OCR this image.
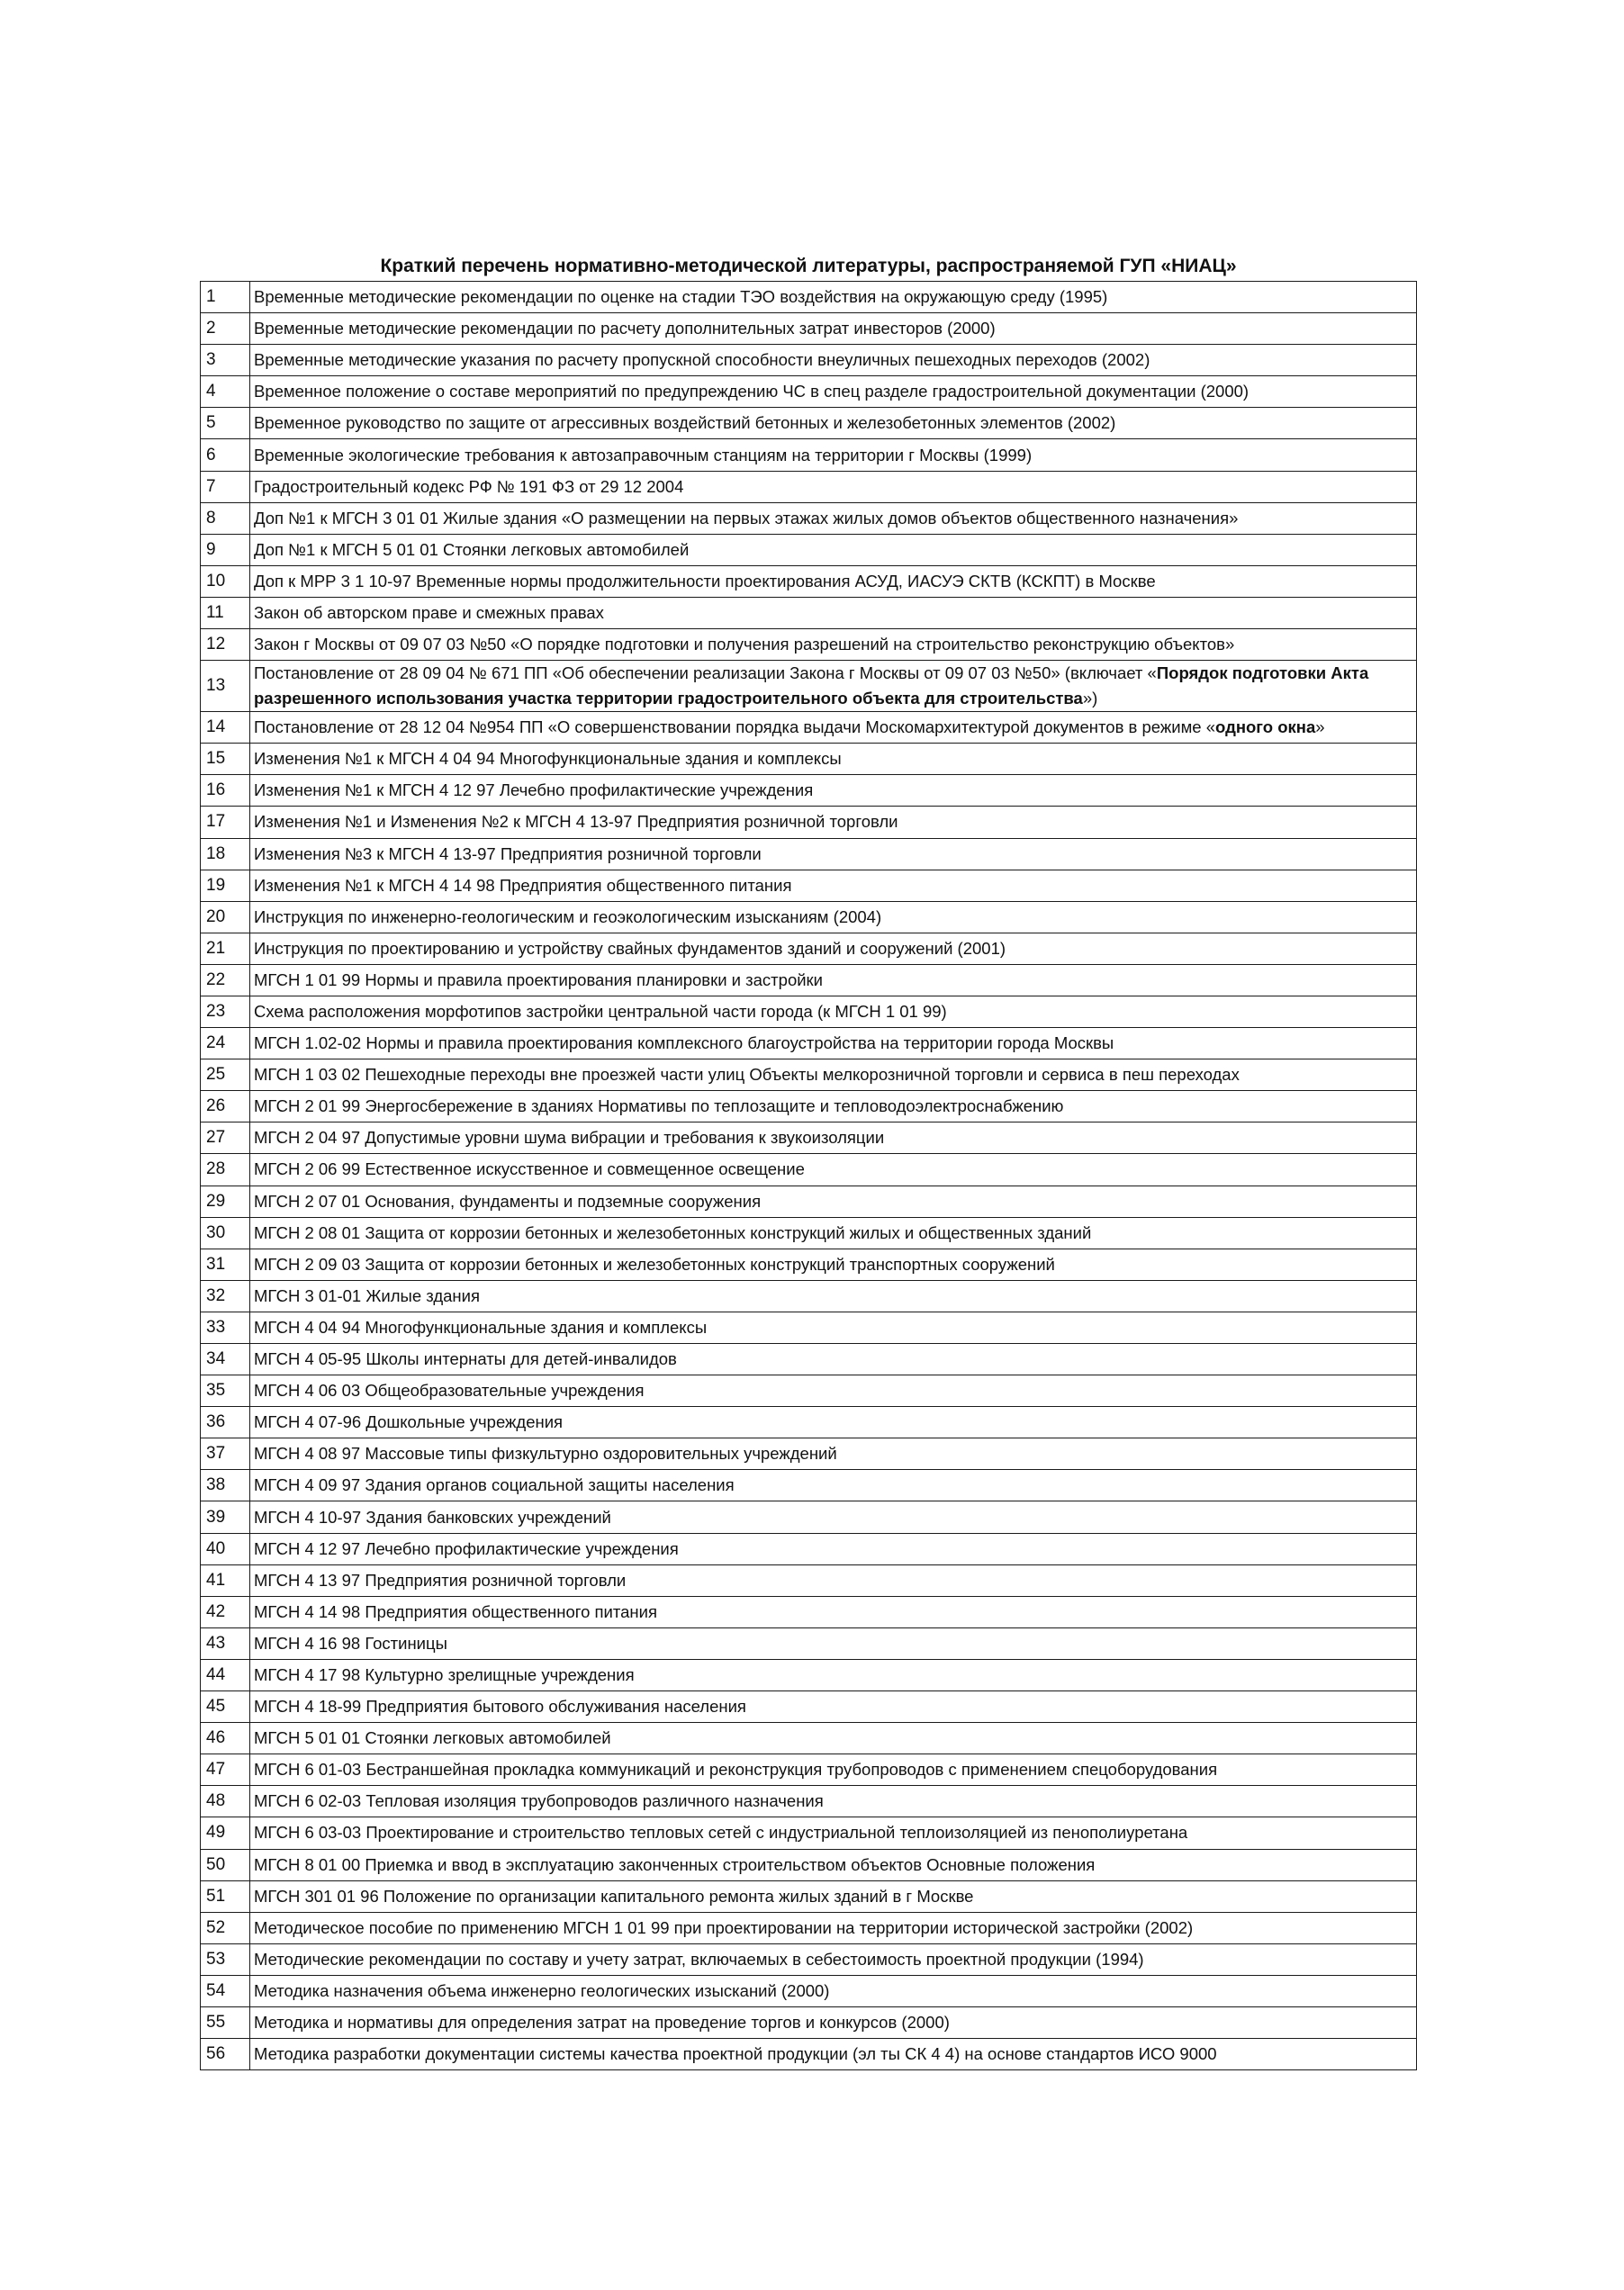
Краткий перечень нормативно-методической литературы, распространяемой ГУП «НИАЦ»
1	Временные методические рекомендации по оценке на стадии ТЭО воздействия на окружающую среду (1995)
2	Временные методические рекомендации по расчету дополнительных затрат инвесторов (2000)
3	Временные методические указания по расчету пропускной способности внеуличных пешеходных переходов (2002)
4	Временное положение о составе мероприятий по предупреждению ЧС в спец разделе градостроительной документации (2000)
5	Временное руководство по защите от агрессивных воздействий бетонных и железобетонных элементов (2002)
6	Временные экологические требования к автозаправочным станциям на территории г Москвы (1999)
7	Градостроительный кодекс РФ № 191 ФЗ от 29 12 2004
8	Доп №1 к МГСН 3 01 01 Жилые здания «О размещении на первых этажах жилых домов объектов общественного назначения»
9	Доп №1 к МГСН 5 01 01 Стоянки легковых автомобилей
10	Доп к МРР 3 1 10-97 Временные нормы продолжительности проектирования АСУД, ИАСУЭ СКТВ (КСКПТ) в Москве
11	Закон об авторском праве и смежных правах
12	Закон г Москвы от 09 07 03 №50 «О порядке подготовки и получения разрешений на строительство реконструкцию объектов»
13	Постановление от 28 09 04 № 671 ПП «Об обеспечении реализации Закона г Москвы от 09 07 03 №50» (включает «Порядок подготовки Акта разрешенного использования участка территории градостроительного объекта для строительства»)
14	Постановление от 28 12 04 №954 ПП «О совершенствовании порядка выдачи Москомархитектурой документов в режиме «одного окна»
15	Изменения №1 к МГСН 4 04 94 Многофункциональные здания и комплексы
16	Изменения №1 к МГСН 4 12 97 Лечебно профилактические учреждения
17	Изменения №1 и Изменения №2 к МГСН 4 13-97 Предприятия розничной торговли
18	Изменения №3 к МГСН 4 13-97 Предприятия розничной торговли
19	Изменения №1 к МГСН 4 14 98 Предприятия общественного питания
20	Инструкция по инженерно-геологическим и геоэкологическим изысканиям (2004)
21	Инструкция по проектированию и устройству свайных фундаментов зданий и сооружений (2001)
22	МГСН 1 01 99 Нормы и правила проектирования планировки и застройки
23	Схема расположения морфотипов застройки центральной части города (к МГСН 1 01 99)
24	МГСН 1.02-02 Нормы и правила проектирования комплексного благоустройства на территории города Москвы
25	МГСН 1 03 02 Пешеходные переходы вне проезжей части улиц Объекты мелкорозничной торговли и сервиса в пеш переходах
26	МГСН 2 01 99 Энергосбережение в зданиях Нормативы по теплозащите и тепловодоэлектроснабжению
27	МГСН 2 04 97 Допустимые уровни шума вибрации и требования к звукоизоляции
28	МГСН 2 06 99 Естественное искусственное и совмещенное освещение
29	МГСН 2 07 01 Основания, фундаменты и подземные сооружения
30	МГСН 2 08 01 Защита от коррозии бетонных и железобетонных конструкций жилых и общественных зданий
31	МГСН 2 09 03 Защита от коррозии бетонных и железобетонных конструкций транспортных сооружений
32	МГСН 3 01-01 Жилые здания
33	МГСН 4 04 94 Многофункциональные здания и комплексы
34	МГСН 4 05-95 Школы интернаты для детей-инвалидов
35	МГСН 4 06 03 Общеобразовательные учреждения
36	МГСН 4 07-96 Дошкольные учреждения
37	МГСН 4 08 97 Массовые типы физкультурно оздоровительных учреждений
38	МГСН 4 09 97 Здания органов социальной защиты населения
39	МГСН 4 10-97 Здания банковских учреждений
40	МГСН 4 12 97 Лечебно профилактические учреждения
41	МГСН 4 13 97 Предприятия розничной торговли
42	МГСН 4 14 98 Предприятия общественного питания
43	МГСН 4 16 98 Гостиницы
44	МГСН 4 17 98 Культурно зрелищные учреждения
45	МГСН 4 18-99 Предприятия бытового обслуживания населения
46	МГСН 5 01 01 Стоянки легковых автомобилей
47	МГСН 6 01-03 Бестраншейная прокладка коммуникаций и реконструкция трубопроводов с применением спецоборудования
48	МГСН 6 02-03 Тепловая изоляция трубопроводов различного назначения
49	МГСН 6 03-03 Проектирование и строительство тепловых сетей с индустриальной теплоизоляцией из пенополиуретана
50	МГСН 8 01 00 Приемка и ввод в эксплуатацию законченных строительством объектов Основные положения
51	МГСН 301 01 96 Положение по организации капитального ремонта жилых зданий в г Москве
52	Методическое пособие по применению МГСН 1 01 99 при проектировании на территории исторической застройки (2002)
53	Методические рекомендации по составу и учету затрат, включаемых в себестоимость проектной продукции (1994)
54	Методика назначения объема инженерно геологических изысканий (2000)
55	Методика и нормативы для определения затрат на проведение торгов и конкурсов (2000)
56	Методика разработки документации системы качества проектной продукции (эл ты СК 4 4) на основе стандартов ИСО 9000
